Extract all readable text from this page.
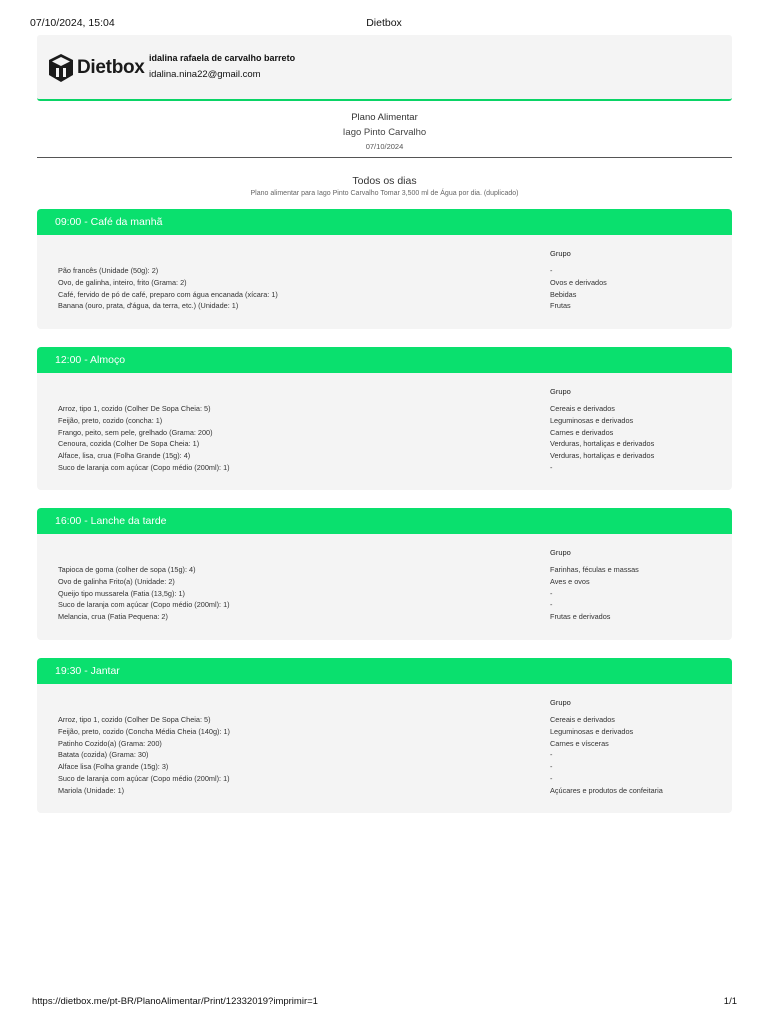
07/10/2024, 15:04	Dietbox
Dietbox idalina rafaela de carvalho barreto
idalina.nina22@gmail.com
Plano Alimentar
Iago Pinto Carvalho
07/10/2024
Todos os dias
Plano alimentar para Iago Pinto Carvalho Tomar 3,500 ml de Água por dia. (duplicado)
09:00 - Café da manhã
Grupo
Pão francês (Unidade (50g): 2)	-
Ovo, de galinha, inteiro, frito (Grama: 2)	Ovos e derivados
Café, fervido de pó de café, preparo com água encanada (xícara: 1)	Bebidas
Banana (ouro, prata, d'água, da terra, etc.) (Unidade: 1)	Frutas
12:00 - Almoço
Grupo
Arroz, tipo 1, cozido (Colher De Sopa Cheia: 5)	Cereais e derivados
Feijão, preto, cozido (concha: 1)	Leguminosas e derivados
Frango, peito, sem pele, grelhado (Grama: 200)	Carnes e derivados
Cenoura, cozida (Colher De Sopa Cheia: 1)	Verduras, hortaliças e derivados
Alface, lisa, crua (Folha Grande (15g): 4)	Verduras, hortaliças e derivados
Suco de laranja com açúcar (Copo médio (200ml): 1)	-
16:00 - Lanche da tarde
Grupo
Tapioca de goma (colher de sopa (15g): 4)	Farinhas, féculas e massas
Ovo de galinha Frito(a) (Unidade: 2)	Aves e ovos
Queijo tipo mussarela (Fatia (13,5g): 1)	-
Suco de laranja com açúcar (Copo médio (200ml): 1)	-
Melancia, crua (Fatia Pequena: 2)	Frutas e derivados
19:30 - Jantar
Grupo
Arroz, tipo 1, cozido (Colher De Sopa Cheia: 5)	Cereais e derivados
Feijão, preto, cozido (Concha Média Cheia (140g): 1)	Leguminosas e derivados
Patinho Cozido(a) (Grama: 200)	Carnes e vísceras
Batata (cozida) (Grama: 30)	-
Alface lisa (Folha grande (15g): 3)	-
Suco de laranja com açúcar (Copo médio (200ml): 1)	-
Mariola (Unidade: 1)	Açúcares e produtos de confeitaria
https://dietbox.me/pt-BR/PlanoAlimentar/Print/12332019?imprimir=1	1/1
